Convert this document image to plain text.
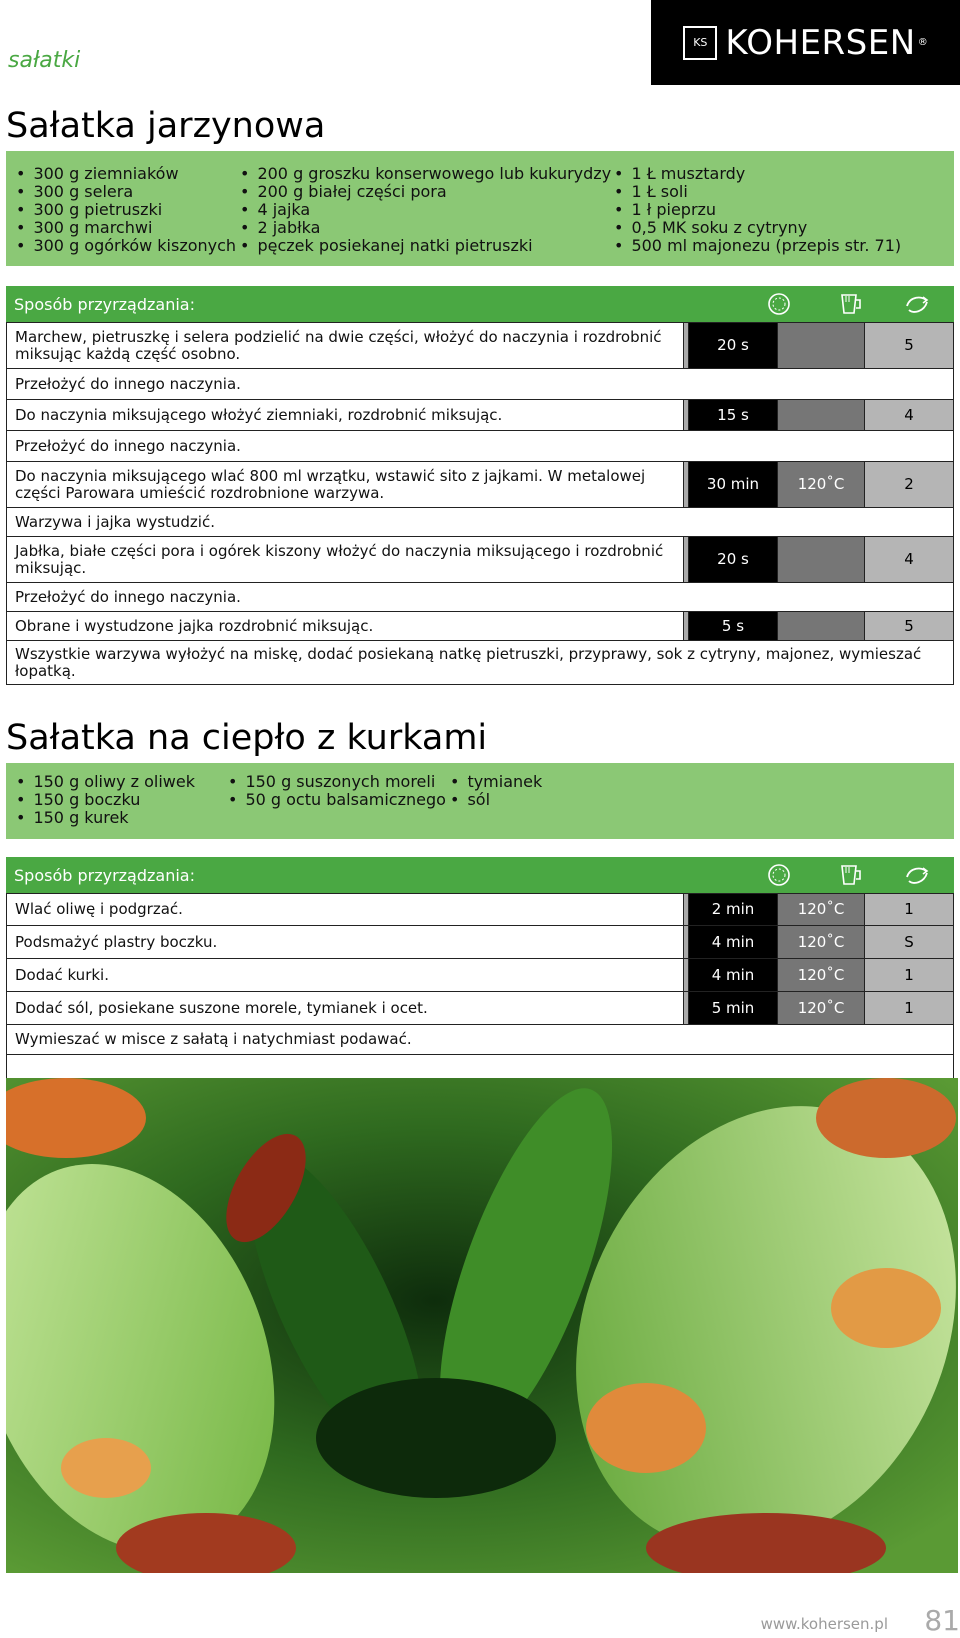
sałatki
KS KOHERSEN ®
Sałatka jarzynowa
• 300 g ziemniaków
• 300 g selera
• 300 g pietruszki
• 300 g marchwi
• 300 g ogórków kiszonych
• 200 g groszku konserwowego lub kukurydzy
• 200 g białej części pora
• 4 jajka
• 2 jabłka
• pęczek posiekanej natki pietruszki
• 1 Ł musztardy
• 1 Ł soli
• 1 ł pieprzu
• 0,5 MK soku z cytryny
• 500 ml majonezu (przepis str. 71)
Sposób przyrządzania:
Marchew, pietruszkę i selera podzielić na dwie części, włożyć do naczynia i rozdrobnić miksując każdą część osobno.		20 s		5
Przełożyć do innego naczynia.				
Do naczynia miksującego włożyć ziemniaki, rozdrobnić miksując.		15 s		4
Przełożyć do innego naczynia.				
Do naczynia miksującego wlać 800 ml wrzątku, wstawić sito z jajkami. W metalowej części Parowara umieścić rozdrobnione warzywa.		30 min	120˚C	2
Warzywa i jajka wystudzić.				
Jabłka, białe części pora i ogórek kiszony włożyć do naczynia miksującego i rozdrobnić miksując.		20 s		4
Przełożyć do innego naczynia.				
Obrane i wystudzone jajka rozdrobnić miksując.		5 s		5
Wszystkie warzywa wyłożyć na miskę, dodać posiekaną natkę pietruszki, przyprawy, sok z cytryny, majonez, wymieszać łopatką.				
Sałatka na ciepło z kurkami
• 150 g oliwy z oliwek
• 150 g boczku
• 150 g kurek
• 150 g suszonych moreli
• 50 g octu balsamicznego
• tymianek
• sól
Sposób przyrządzania:
Wlać oliwę i podgrzać.		2 min	120˚C	1
Podsmażyć plastry boczku.		4 min	120˚C	S
Dodać kurki.		4 min	120˚C	1
Dodać sól, posiekane suszone morele, tymianek i ocet.		5 min	120˚C	1
Wymieszać w misce z sałatą i natychmiast podawać.				

www.kohersen.pl 81
